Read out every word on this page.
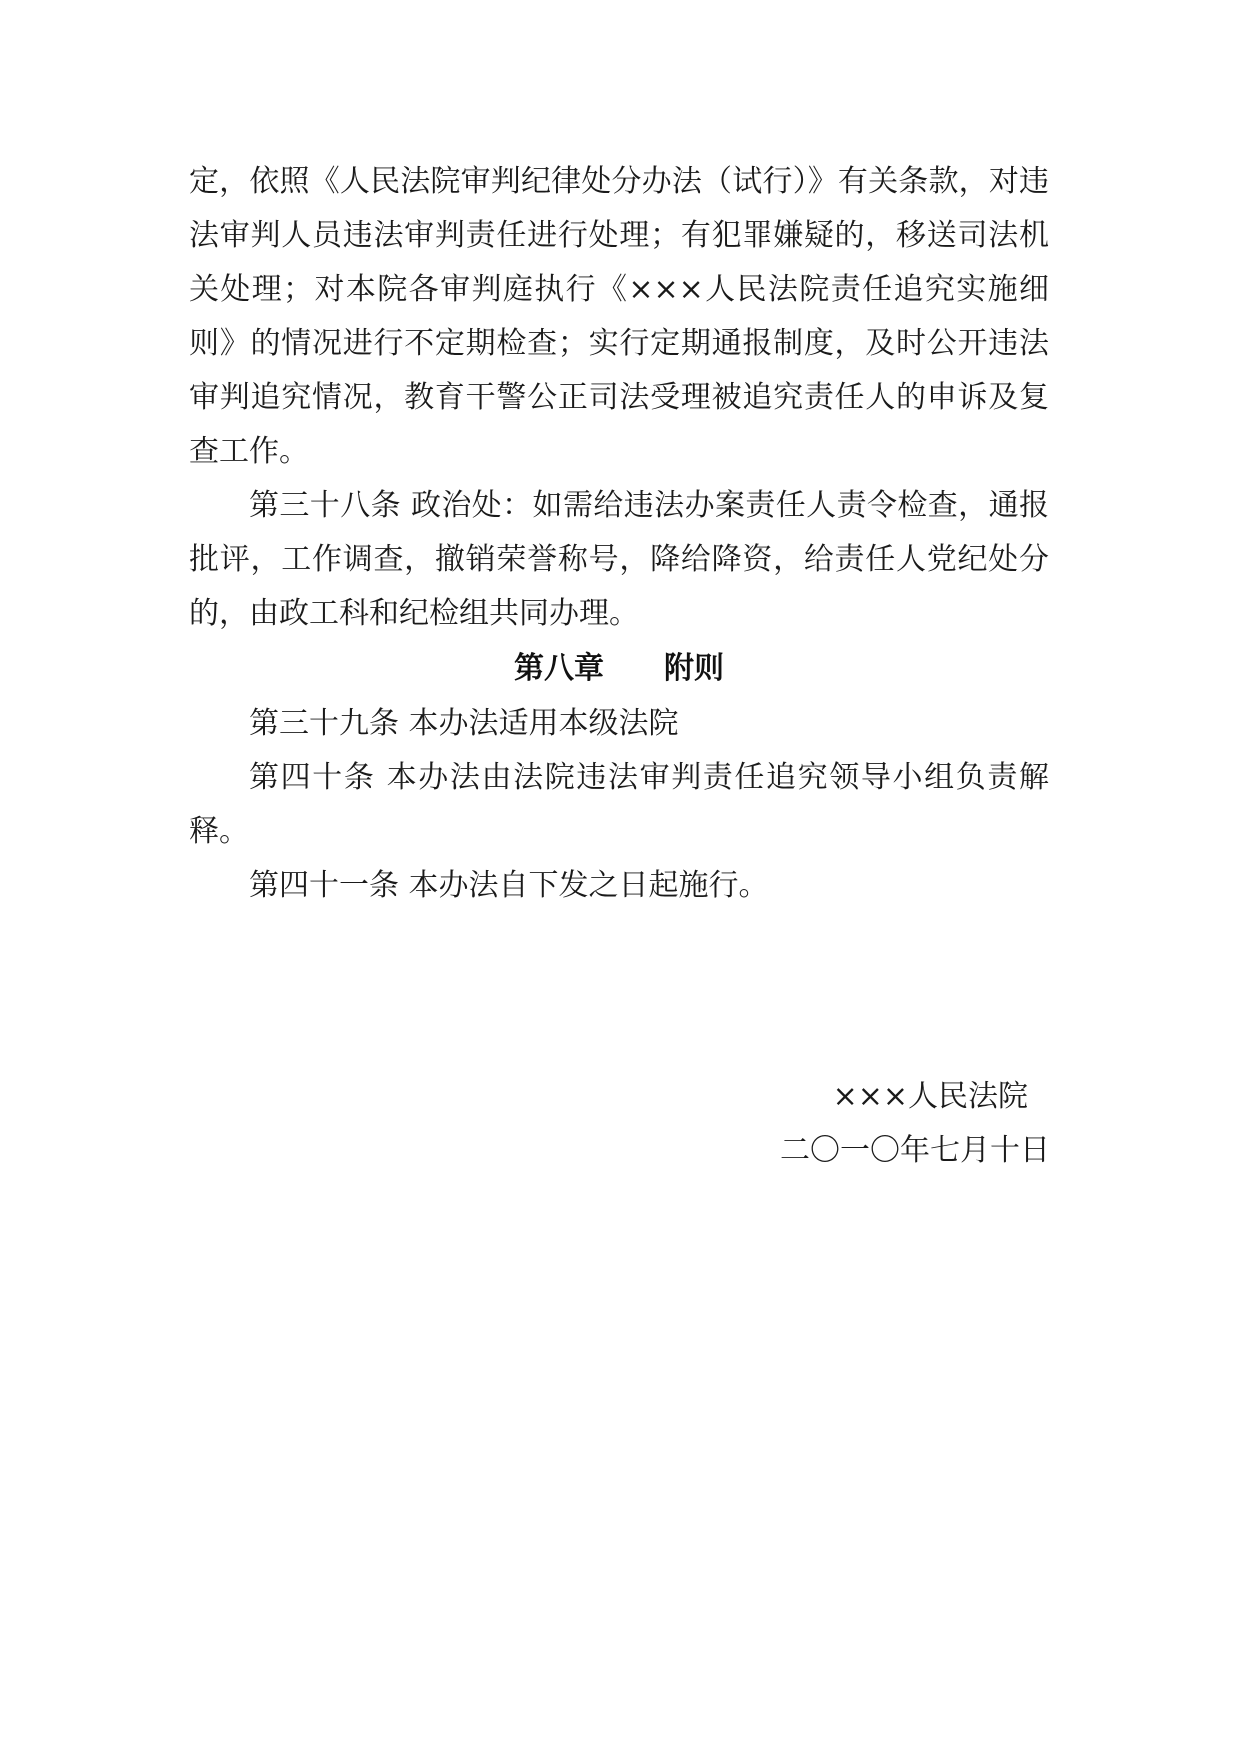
定，依照《人民法院审判纪律处分办法（试行）》有关条款，对违法审判人员违法审判责任进行处理；有犯罪嫌疑的，移送司法机关处理；对本院各审判庭执行《×××人民法院责任追究实施细则》的情况进行不定期检查；实行定期通报制度，及时公开违法审判追究情况，教育干警公正司法受理被追究责任人的申诉及复查工作。

第三十八条 政治处：如需给违法办案责任人责令检查，通报批评，工作调查，撤销荣誉称号，降给降资，给责任人党纪处分的，由政工科和纪检组共同办理。

第八章 附则

第三十九条 本办法适用本级法院

第四十条 本办法由法院违法审判责任追究领导小组负责解释。

第四十一条 本办法自下发之日起施行。

×××人民法院
二〇一〇年七月十日
